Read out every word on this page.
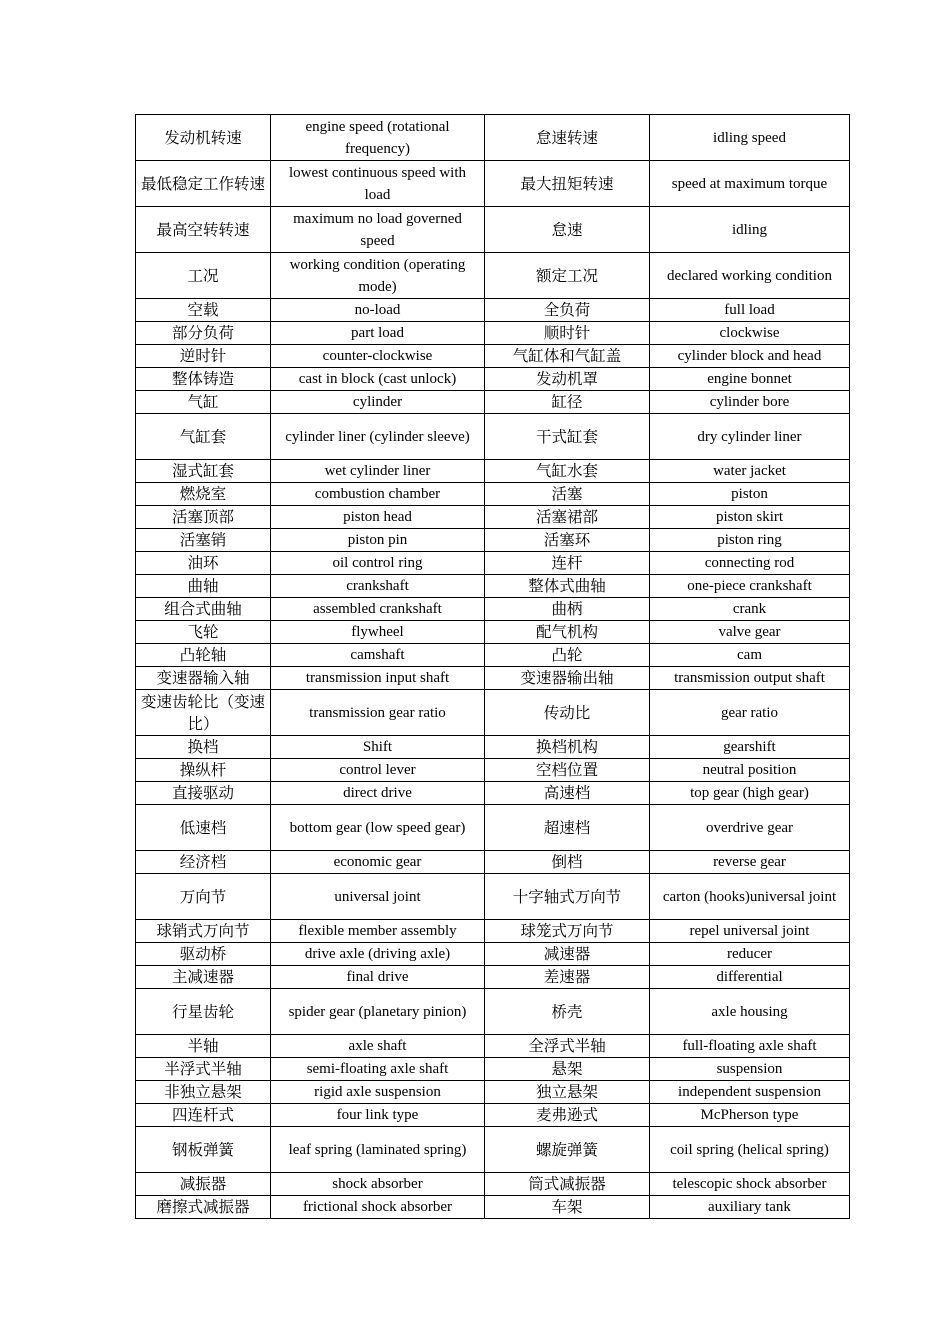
发动机转速	engine speed (rotational frequency)	怠速转速	idling speed
最低稳定工作转速	lowest continuous speed with load	最大扭矩转速	speed at maximum torque
最高空转转速	maximum no load governed speed	怠速	idling
工况	working condition (operating mode)	额定工况	declared working condition
空载	no-load	全负荷	full load
部分负荷	part load	顺时针	clockwise
逆时针	counter-clockwise	气缸体和气缸盖	cylinder block and head
整体铸造	cast in block (cast unlock)	发动机罩	engine bonnet
气缸	cylinder	缸径	cylinder bore
气缸套	cylinder liner (cylinder sleeve)	干式缸套	dry cylinder liner
湿式缸套	wet cylinder liner	气缸水套	water jacket
燃烧室	combustion chamber	活塞	piston
活塞顶部	piston head	活塞裙部	piston skirt
活塞销	piston pin	活塞环	piston ring
油环	oil control ring	连杆	connecting rod
曲轴	crankshaft	整体式曲轴	one-piece crankshaft
组合式曲轴	assembled crankshaft	曲柄	crank
飞轮	flywheel	配气机构	valve gear
凸轮轴	camshaft	凸轮	cam
变速器输入轴	transmission input shaft	变速器输出轴	transmission output shaft
变速齿轮比（变速比）	transmission gear ratio	传动比	gear ratio
换档	Shift	换档机构	gearshift
操纵杆	control lever	空档位置	neutral position
直接驱动	direct drive	高速档	top gear (high gear)
低速档	bottom gear (low speed gear)	超速档	overdrive gear
经济档	economic gear	倒档	reverse gear
万向节	universal joint	十字轴式万向节	carton (hooks)universal joint
球销式万向节	flexible member assembly	球笼式万向节	repel universal joint
驱动桥	drive axle (driving axle)	减速器	reducer
主减速器	final drive	差速器	differential
行星齿轮	spider gear (planetary pinion)	桥壳	axle housing
半轴	axle shaft	全浮式半轴	full-floating axle shaft
半浮式半轴	semi-floating axle shaft	悬架	suspension
非独立悬架	rigid axle suspension	独立悬架	independent suspension
四连杆式	four link type	麦弗逊式	McPherson type
钢板弹簧	leaf spring (laminated spring)	螺旋弹簧	coil spring (helical spring)
减振器	shock absorber	筒式减振器	telescopic shock absorber
磨擦式减振器	frictional shock absorber	车架	auxiliary tank
